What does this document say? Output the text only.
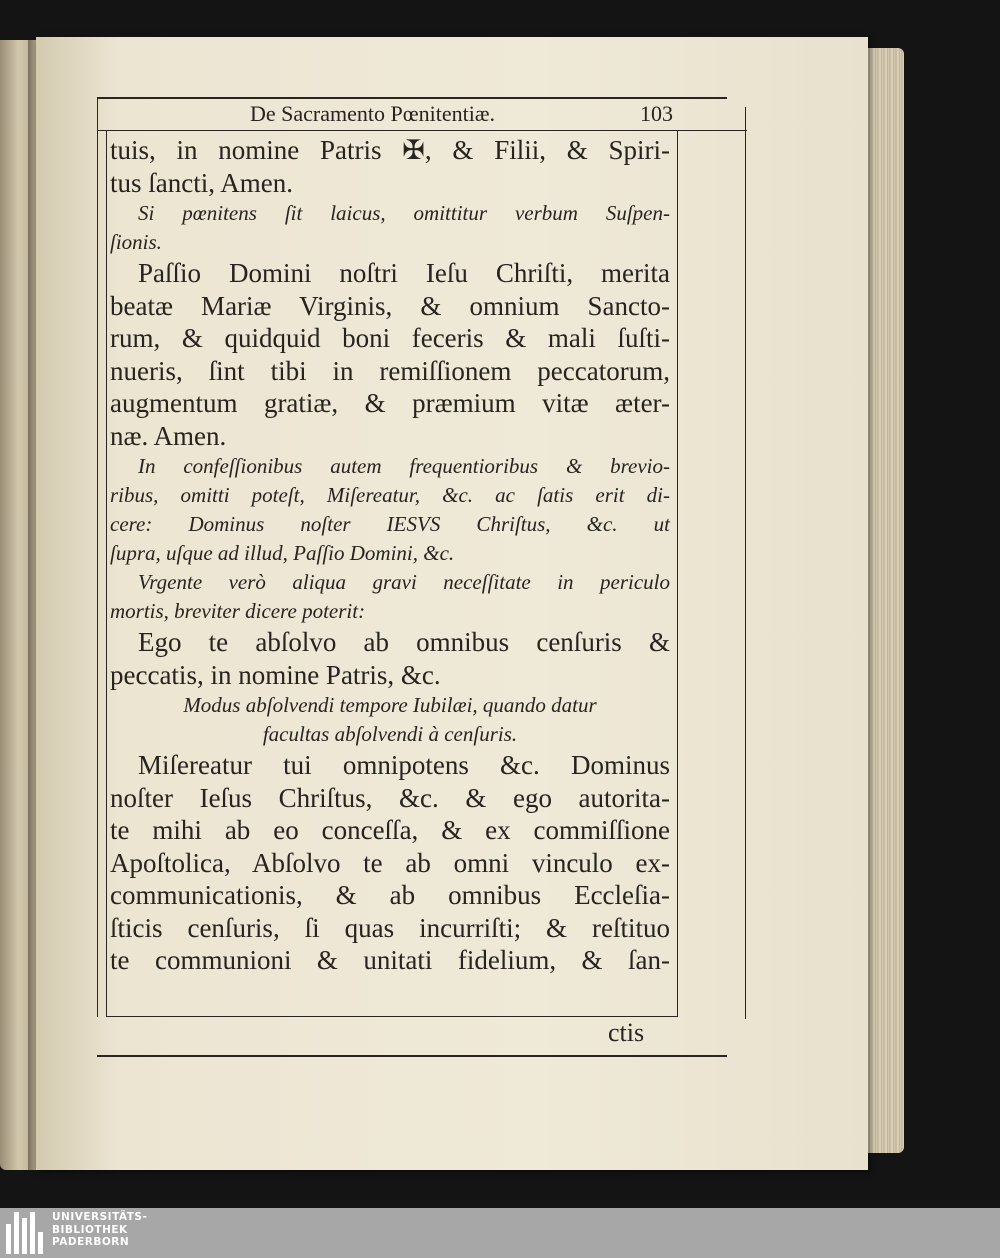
De Sacramento Pœnitentiæ.	103
tuis, in nomine Patris ✠, & Filii, & Spiri-
tus ſancti, Amen.
Si pœnitens ſit laicus, omittitur verbum Suſpen-
ſionis.
Paſſio Domini noſtri Ieſu Chriſti, merita
beatæ Mariæ Virginis, & omnium Sancto-
rum, & quidquid boni feceris & mali ſuſti-
nueris, ſint tibi in remiſſionem peccatorum,
augmentum gratiæ, & præmium vitæ æter-
næ. Amen.
In confeſſionibus autem frequentioribus & brevio-
ribus, omitti poteſt, Miſereatur, &c. ac ſatis erit di-
cere: Dominus noſter IESVS Chriſtus, &c. ut
ſupra, uſque ad illud, Paſſio Domini, &c.
Vrgente verò aliqua gravi neceſſitate in periculo
mortis, breviter dicere poterit:
Ego te abſolvo ab omnibus cenſuris &
peccatis, in nomine Patris, &c.
Modus abſolvendi tempore Iubilæi, quando datur
facultas abſolvendi à cenſuris.
Miſereatur tui omnipotens &c. Dominus
noſter Ieſus Chriſtus, &c. & ego autorita-
te mihi ab eo conceſſa, & ex commiſſione
Apoſtolica, Abſolvo te ab omni vinculo ex-
communicationis, & ab omnibus Eccleſia-
ſticis cenſuris, ſi quas incurriſti; & reſtituo
te communioni & unitati fidelium, & ſan-
ctis
UNIVERSITÄTS-
BIBLIOTHEK
PADERBORN
